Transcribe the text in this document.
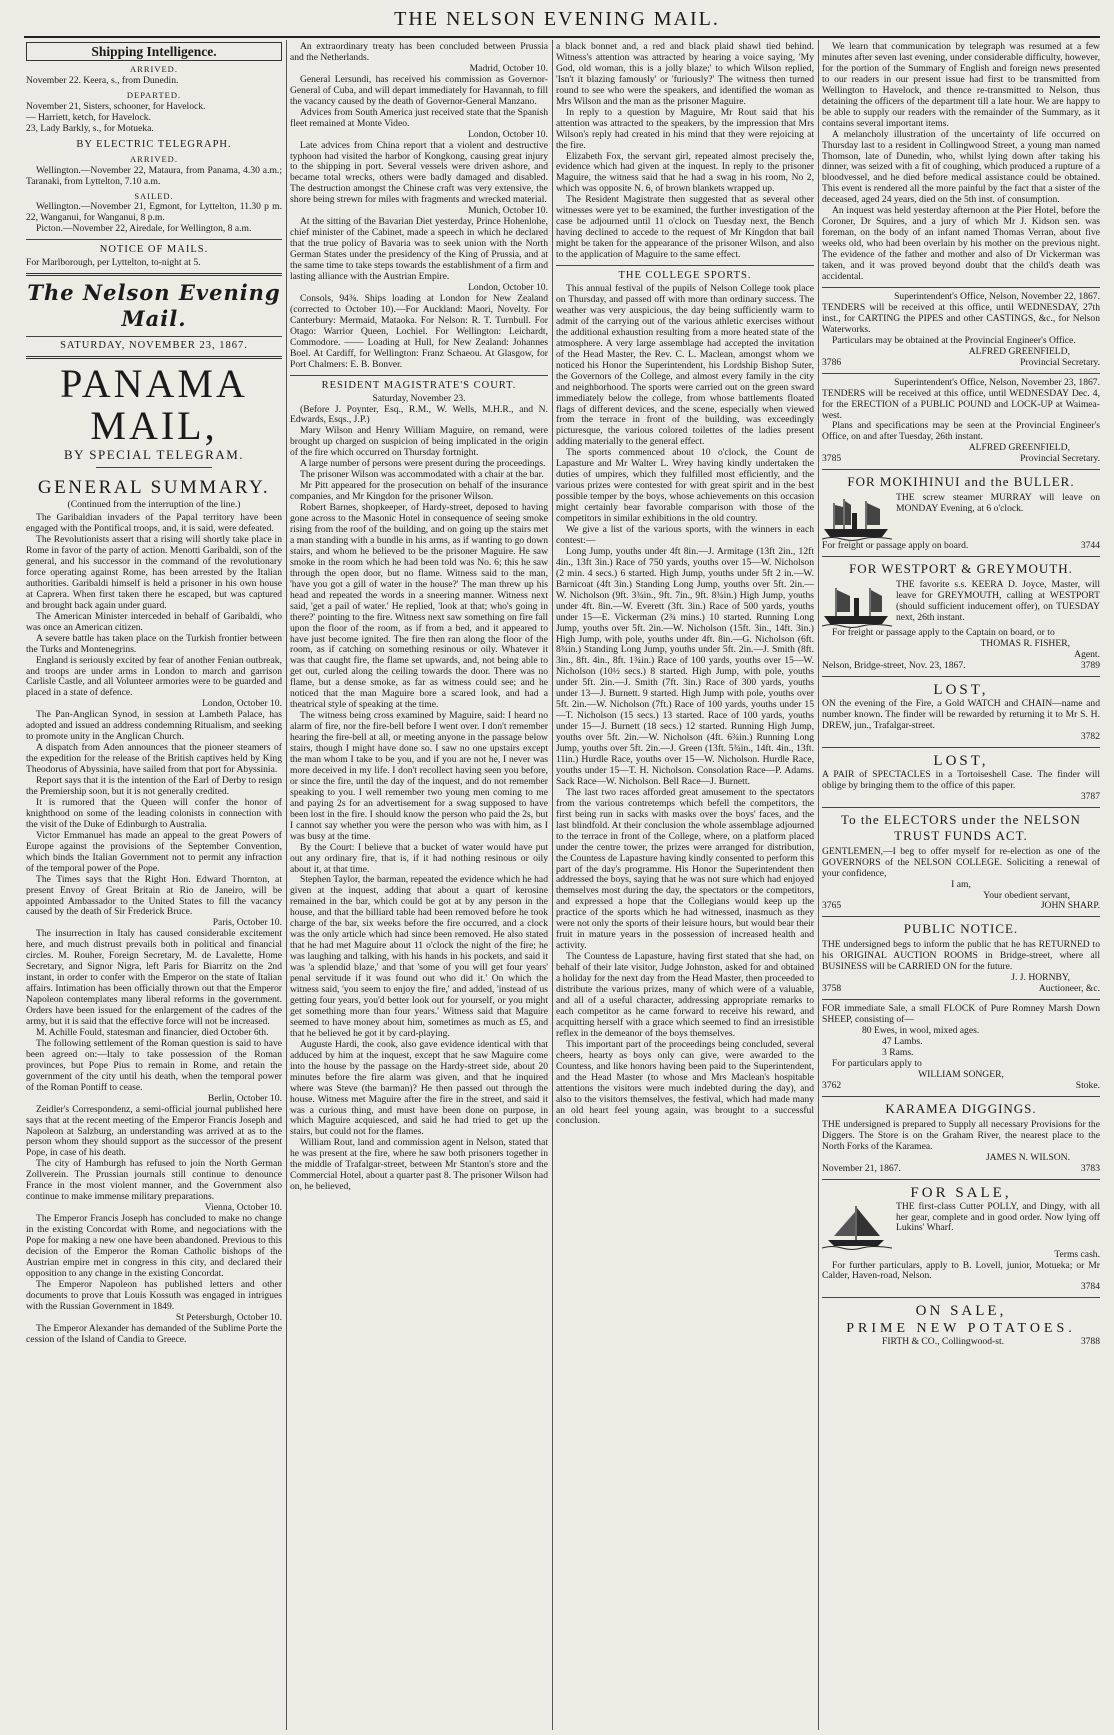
THE NELSON EVENING MAIL.
Shipping Intelligence.
ARRIVED.

November 22. Keera, s., from Dunedin.

DEPARTED.

November 21, Sisters, schooner, for Havelock.

— Harriett, ketch, for Havelock.

23, Lady Barkly, s., for Motueka.

BY ELECTRIC TELEGRAPH.
ARRIVED.

Wellington.—November 22, Mataura, from Panama, 4.30 a.m.; Taranaki, from Lyttelton, 7.10 a.m.

SAILED.

Wellington.—November 21, Egmont, for Lyttelton, 11.30 p m. 22, Wanganui, for Wanganui, 8 p.m.

Picton.—November 22, Airedale, for Wellington, 8 a.m.

NOTICE OF MAILS.

For Marlborough, per Lyttelton, to-night at 5.

The Nelson Evening Mail.
SATURDAY, NOVEMBER 23, 1867.
PANAMA MAIL,
BY SPECIAL TELEGRAM.
GENERAL SUMMARY.
(Continued from the interruption of the line.)

The Garibaldian invaders of the Papal territory have been engaged with the Pontifical troops, and, it is said, were defeated.

The Revolutionists assert that a rising will shortly take place in Rome in favor of the party of action. Menotti Garibaldi, son of the general, and his successor in the command of the revolutionary force operating against Rome, has been arrested by the Italian authorities. Garibaldi himself is held a prisoner in his own house at Caprera. When first taken there he escaped, but was captured and brought back again under guard.

The American Minister interceded in behalf of Garibaldi, who was once an American citizen.

A severe battle has taken place on the Turkish frontier between the Turks and Montenegrins.

England is seriously excited by fear of another Fenian outbreak, and troops are under arms in London to march and garrison Carlisle Castle, and all Volunteer armories were to be guarded and placed in a state of defence.

London, October 10.

The Pan-Anglican Synod, in session at Lambeth Palace, has adopted and issued an address condemning Ritualism, and seeking to promote unity in the Anglican Church.

A dispatch from Aden announces that the pioneer steamers of the expedition for the release of the British captives held by King Theodorus of Abyssinia, have sailed from that port for Abyssinia.

Report says that it is the intention of the Earl of Derby to resign the Premiership soon, but it is not generally credited.

It is rumored that the Queen will confer the honor of knighthood on some of the leading colonists in connection with the visit of the Duke of Edinburgh to Australia.

Victor Emmanuel has made an appeal to the great Powers of Europe against the provisions of the September Convention, which binds the Italian Government not to permit any infraction of the temporal power of the Pope.

The Times says that the Right Hon. Edward Thornton, at present Envoy of Great Britain at Rio de Janeiro, will be appointed Ambassador to the United States to fill the vacancy caused by the death of Sir Frederick Bruce.

Paris, October 10.

The insurrection in Italy has caused considerable excitement here, and much distrust prevails both in political and financial circles. M. Rouher, Foreign Secretary, M. de Lavalette, Home Secretary, and Signor Nigra, left Paris for Biarritz on the 2nd instant, in order to confer with the Emperor on the state of Italian affairs. Intimation has been officially thrown out that the Emperor Napoleon contemplates many liberal reforms in the government. Orders have been issued for the enlargement of the cadres of the army, but it is said that the effective force will not be increased.

M. Achille Fould, statesman and financier, died October 6th.

The following settlement of the Roman question is said to have been agreed on:—Italy to take possession of the Roman provinces, but Pope Pius to remain in Rome, and retain the government of the city until his death, when the temporal power of the Roman Pontiff to cease.

Berlin, October 10.

Zeidler's Correspondenz, a semi-official journal published here says that at the recent meeting of the Emperor Francis Joseph and Napoleon at Salzburg, an understanding was arrived at as to the person whom they should support as the successor of the present Pope, in case of his death.

The city of Hamburgh has refused to join the North German Zollverein. The Prussian journals still continue to denounce France in the most violent manner, and the Government also continue to make immense military preparations.

Vienna, October 10.

The Emperor Francis Joseph has concluded to make no change in the existing Concordat with Rome, and negociations with the Pope for making a new one have been abandoned. Previous to this decision of the Emperor the Roman Catholic bishops of the Austrian empire met in congress in this city, and declared their opposition to any change in the existing Concordat.

The Emperor Napoleon has published letters and other documents to prove that Louis Kossuth was engaged in intrigues with the Russian Government in 1849.

St Petersburgh, October 10.

The Emperor Alexander has demanded of the Sublime Porte the cession of the Island of Candia to Greece.

An extraordinary treaty has been concluded between Prussia and the Netherlands.

Madrid, October 10.

General Lersundi, has received his commission as Governor-General of Cuba, and will depart immediately for Havannah, to fill the vacancy caused by the death of Governor-General Manzano.

Advices from South America just received state that the Spanish fleet remained at Monte Video.

London, October 10.

Late advices from China report that a violent and destructive typhoon had visited the harbor of Kongkong, causing great injury to the shipping in port. Several vessels were driven ashore, and became total wrecks, others were badly damaged and disabled. The destruction amongst the Chinese craft was very extensive, the shore being strewn for miles with fragments and wrecked material.

Munich, October 10.

At the sitting of the Bavarian Diet yesterday, Prince Hohenlohe, chief minister of the Cabinet, made a speech in which he declared that the true policy of Bavaria was to seek union with the North German States under the presidency of the King of Prussia, and at the same time to take steps towards the establishment of a firm and lasting alliance with the Austrian Empire.

London, October 10.

Consols, 94⅜. Ships loading at London for New Zealand (corrected to October 10).—For Auckland: Maori, Novelty. For Canterbury: Mermaid, Mataoka. For Nelson: R. T. Turnbull. For Otago: Warrior Queen, Lochiel. For Wellington: Leichardt, Commodore. —— Loading at Hull, for New Zealand: Johannes Boel. At Cardiff, for Wellington: Franz Schaeou. At Glasgow, for Port Chalmers: E. B. Bonver.

RESIDENT MAGISTRATE'S COURT.
Saturday, November 23.

(Before J. Poynter, Esq., R.M., W. Wells, M.H.R., and N. Edwards, Esqs., J.P.)

Mary Wilson and Henry William Maguire, on remand, were brought up charged on suspicion of being implicated in the origin of the fire which occurred on Thursday fortnight.

A large number of persons were present during the proceedings.

The prisoner Wilson was accommodated with a chair at the bar.

Mr Pitt appeared for the prosecution on behalf of the insurance companies, and Mr Kingdon for the prisoner Wilson.

Robert Barnes, shopkeeper, of Hardy-street, deposed to having gone across to the Masonic Hotel in consequence of seeing smoke rising from the roof of the building, and on going up the stairs met a man standing with a bundle in his arms, as if wanting to go down stairs, and whom he believed to be the prisoner Maguire. He saw smoke in the room which he had been told was No. 6; this he saw through the open door, but no flame. Witness said to the man, 'have you got a gill of water in the house?' The man threw up his head and repeated the words in a sneering manner. Witness next said, 'get a pail of water.' He replied, 'look at that; who's going in there?' pointing to the fire. Witness next saw something on fire fall upon the floor of the room, as if from a bed, and it appeared to have just become ignited. The fire then ran along the floor of the room, as if catching on something resinous or oily. Whatever it was that caught fire, the flame set upwards, and, not being able to get out, curled along the ceiling towards the door. There was no flame, but a dense smoke, as far as witness could see; and he noticed that the man Maguire bore a scared look, and had a theatrical style of speaking at the time.

The witness being cross examined by Maguire, said: I heard no alarm of fire, nor the fire-bell before I went over. I don't remember hearing the fire-bell at all, or meeting anyone in the passage below stairs, though I might have done so. I saw no one upstairs except the man whom I take to be you, and if you are not he, I never was more deceived in my life. I don't recollect having seen you before, or since the fire, until the day of the inquest, and do not remember speaking to you. I well remember two young men coming to me and paying 2s for an advertisement for a swag supposed to have been lost in the fire. I should know the person who paid the 2s, but I cannot say whether you were the person who was with him, as I was busy at the time.

By the Court: I believe that a bucket of water would have put out any ordinary fire, that is, if it had nothing resinous or oily about it, at that time.

Stephen Taylor, the barman, repeated the evidence which he had given at the inquest, adding that about a quart of kerosine remained in the bar, which could be got at by any person in the house, and that the billiard table had been removed before he took charge of the bar, six weeks before the fire occurred, and a clock was the only article which had since been removed. He also stated that he had met Maguire about 11 o'clock the night of the fire; he was laughing and talking, with his hands in his pockets, and said it was 'a splendid blaze,' and that 'some of you will get four years' penal servitude if it was found out who did it.' On which the witness said, 'you seem to enjoy the fire,' and added, 'instead of us getting four years, you'd better look out for yourself, or you might get something more than four years.' Witness said that Maguire seemed to have money about him, sometimes as much as £5, and that he believed he got it by card-playing.

Auguste Hardi, the cook, also gave evidence identical with that adduced by him at the inquest, except that he saw Maguire come into the house by the passage on the Hardy-street side, about 20 minutes before the fire alarm was given, and that he inquired where was Steve (the barman)? He then passed out through the house. Witness met Maguire after the fire in the street, and said it was a curious thing, and must have been done on purpose, in which Maguire acquiesced, and said he had tried to get up the stairs, but could not for the flames.

William Rout, land and commission agent in Nelson, stated that he was present at the fire, where he saw both prisoners together in the middle of Trafalgar-street, between Mr Stanton's store and the Commercial Hotel, about a quarter past 8. The prisoner Wilson had on, he believed,

a black bonnet and, a red and black plaid shawl tied behind. Witness's attention was attracted by hearing a voice saying, 'My God, old woman, this is a jolly blaze;' to which Wilson replied, 'Isn't it blazing famously' or 'furiously?' The witness then turned round to see who were the speakers, and identified the woman as Mrs Wilson and the man as the prisoner Maguire.

In reply to a question by Maguire, Mr Rout said that his attention was attracted to the speakers, by the impression that Mrs Wilson's reply had created in his mind that they were rejoicing at the fire.

Elizabeth Fox, the servant girl, repeated almost precisely the, evidence which had given at the inquest. In reply to the prisoner Maguire, the witness said that he had a swag in his room, No 2, which was opposite N. 6, of brown blankets wrapped up.

The Resident Magistrate then suggested that as several other witnesses were yet to be examined, the further investigation of the case be adjourned until 11 o'clock on Tuesday next, the Bench having declined to accede to the request of Mr Kingdon that bail might be taken for the appearance of the prisoner Wilson, and also to the application of Maguire to the same effect.

THE COLLEGE SPORTS.

This annual festival of the pupils of Nelson College took place on Thursday, and passed off with more than ordinary success. The weather was very auspicious, the day being sufficiently warm to admit of the carrying out of the various athletic exercises without the additional exhaustion resulting from a more heated state of the atmosphere. A very large assemblage had accepted the invitation of the Head Master, the Rev. C. L. Maclean, amongst whom we noticed his Honor the Superintendent, his Lordship Bishop Suter, the Governors of the College, and almost every family in the city and neighborhood. The sports were carried out on the green sward immediately below the college, from whose battlements floated flags of different devices, and the scene, especially when viewed from the terrace in front of the building, was exceedingly picturesque, the various colored toilettes of the ladies present adding materially to the general effect.

The sports commenced about 10 o'clock, the Count de Lapasture and Mr Walter L. Wrey having kindly undertaken the duties of umpires, which they fulfilled most efficiently, and the various prizes were contested for with great spirit and in the best possible temper by the boys, whose achievements on this occasion might certainly bear favorable comparison with those of the competitors in similar exhibitions in the old country.

We give a list of the various sports, with the winners in each contest:—

Long Jump, youths under 4ft 8in.—J. Armitage (13ft 2in., 12ft 4in., 13ft 3in.) Race of 750 yards, youths over 15—W. Nicholson (2 min. 4 secs.) 6 started. High Jump, youths under 5ft 2 in.—W. Barnicoat (4ft 3in.) Standing Long Jump, youths over 5ft. 2in.—W. Nicholson (9ft. 3¾in., 9ft. 7in., 9ft. 8¾in.) High Jump, youths under 4ft. 8in.—W. Everett (3ft. 3in.) Race of 500 yards, youths under 15—E. Vickerman (2¾ mins.) 10 started. Running Long Jump, youths over 5ft. 2in.—W. Nicholson (15ft. 3in., 14ft. 3in.) High Jump, with pole, youths under 4ft. 8in.—G. Nicholson (6ft. 8¾in.) Standing Long Jump, youths under 5ft. 2in.—J. Smith (8ft. 3in., 8ft. 4in., 8ft. 1¾in.) Race of 100 yards, youths over 15—W. Nicholson (10½ secs.) 8 started. High Jump, with pole, youths under 5ft. 2in.—J. Smith (7ft. 3in.) Race of 300 yards, youths under 13—J. Burnett. 9 started. High Jump with pole, youths over 5ft. 2in.—W. Nicholson (7ft.) Race of 100 yards, youths under 15—T. Nicholson (15 secs.) 13 started. Race of 100 yards, youths under 15—J. Burnett (18 secs.) 12 started. Running High Jump, youths over 5ft. 2in.—W. Nicholson (4ft. 6¾in.) Running Long Jump, youths over 5ft. 2in.—J. Green (13ft. 5¾in., 14ft. 4in., 13ft. 11in.) Hurdle Race, youths over 15—W. Nicholson. Hurdle Race, youths under 15—T. H. Nicholson. Consolation Race—P. Adams. Sack Race—W. Nicholson. Bell Race—J. Burnett.

The last two races afforded great amusement to the spectators from the various contretemps which befell the competitors, the first being run in sacks with masks over the boys' faces, and the last blindfold. At their conclusion the whole assemblage adjourned to the terrace in front of the College, where, on a platform placed under the centre tower, the prizes were arranged for distribution, the Countess de Lapasture having kindly consented to perform this part of the day's programme. His Honor the Superintendent then addressed the boys, saying that he was not sure which had enjoyed themselves most during the day, the spectators or the competitors, and expressed a hope that the Collegians would keep up the practice of the sports which he had witnessed, inasmuch as they were not only the sports of their leisure hours, but would bear their fruit in mature years in the possession of increased health and activity.

The Countess de Lapasture, having first stated that she had, on behalf of their late visitor, Judge Johnston, asked for and obtained a holiday for the next day from the Head Master, then proceeded to distribute the various prizes, many of which were of a valuable, and all of a useful character, addressing appropriate remarks to each competitor as he came forward to receive his reward, and acquitting herself with a grace which seemed to find an irresistible reflex in the demeanor of the boys themselves.

This important part of the proceedings being concluded, several cheers, hearty as boys only can give, were awarded to the Countess, and like honors having been paid to the Superintendent, and the Head Master (to whose and Mrs Maclean's hospitable attentions the visitors were much indebted during the day), and also to the visitors themselves, the festival, which had made many an old heart feel young again, was brought to a successful conclusion.

We learn that communication by telegraph was resumed at a few minutes after seven last evening, under considerable difficulty, however, for the portion of the Summary of English and foreign news presented to our readers in our present issue had first to be transmitted from Wellington to Havelock, and thence re-transmitted to Nelson, thus detaining the officers of the department till a late hour. We are happy to be able to supply our readers with the remainder of the Summary, as it contains several important items.

A melancholy illustration of the uncertainty of life occurred on Thursday last to a resident in Collingwood Street, a young man named Thomson, late of Dunedin, who, whilst lying down after taking his dinner, was seized with a fit of coughing, which produced a rupture of a bloodvessel, and he died before medical assistance could be obtained. This event is rendered all the more painful by the fact that a sister of the deceased, aged 24 years, died on the 5th inst. of consumption.

An inquest was held yesterday afternoon at the Pier Hotel, before the Coroner, Dr Squires, and a jury of which Mr J. Kidson sen. was foreman, on the body of an infant named Thomas Verran, about five weeks old, who had been overlain by his mother on the previous night. The evidence of the father and mother and also of Dr Vickerman was taken, and it was proved beyond doubt that the child's death was accidental.

Superintendent's Office, Nelson, November 22, 1867.

TENDERS will be received at this office, until WEDNESDAY, 27th inst., for CARTING the PIPES and other CASTINGS, &c., for Nelson Waterworks.

Particulars may be obtained at the Provincial Engineer's Office.

ALFRED GREENFIELD,

3786	Provincial Secretary.

Superintendent's Office, Nelson, November 23, 1867.

TENDERS will be received at this office, until WEDNESDAY Dec. 4, for the ERECTION of a PUBLIC POUND and LOCK-UP at Waimea-west.

Plans and specifications may be seen at the Provincial Engineer's Office, on and after Tuesday, 26th instant.

ALFRED GREENFIELD,

3785	Provincial Secretary.
FOR MOKIHINUI and the BULLER.

THE screw steamer MURRAY will leave on MONDAY Evening, at 6 o'clock.

For freight or passage apply on board.	3744
FOR WESTPORT & GREYMOUTH.

THE favorite s.s. KEERA D. Joyce, Master, will leave for GREYMOUTH, calling at WESTPORT (should sufficient inducement offer), on TUESDAY next, 26th instant.

For freight or passage apply to the Captain on board, or to

THOMAS R. FISHER,

Agent.

Nelson, Bridge-street, Nov. 23, 1867.	3789
LOST,

ON the evening of the Fire, a Gold WATCH and CHAIN—name and number known. The finder will be rewarded by returning it to Mr S. H. DREW, jun., Trafalgar-street.

3782

LOST,

A PAIR of SPECTACLES in a Tortoiseshell Case. The finder will oblige by bringing them to the office of this paper.

3787

To the ELECTORS under the NELSON TRUST FUNDS ACT.

GENTLEMEN,—I beg to offer myself for re-election as one of the GOVERNORS of the NELSON COLLEGE. Soliciting a renewal of your confidence,

I am,

Your obedient servant,

3765	JOHN SHARP.
PUBLIC NOTICE.

THE undersigned begs to inform the public that he has RETURNED to his ORIGINAL AUCTION ROOMS in Bridge-street, where all BUSINESS will be CARRIED ON for the future.

J. J. HORNBY,

3758	Auctioneer, &c.

FOR immediate Sale, a small FLOCK of Pure Romney Marsh Down SHEEP, consisting of—

80 Ewes, in wool, mixed ages.

47 Lambs.

3 Rams.

For particulars apply to

WILLIAM SONGER,

3762	Stoke.
KARAMEA DIGGINGS.

THE undersigned is prepared to Supply all necessary Provisions for the Diggers. The Store is on the Graham River, the nearest place to the North Forks of the Karamea.

JAMES N. WILSON.

November 21, 1867.	3783
FOR SALE,

THE first-class Cutter POLLY, and Dingy, with all her gear, complete and in good order. Now lying off Lukins' Wharf.

Terms cash.

For further particulars, apply to B. Lovell, junior, Motueka; or Mr Calder, Haven-road, Nelson.

3784

ON SALE,

PRIME NEW POTATOES.

FIRTH & CO., Collingwood-st.	3788
